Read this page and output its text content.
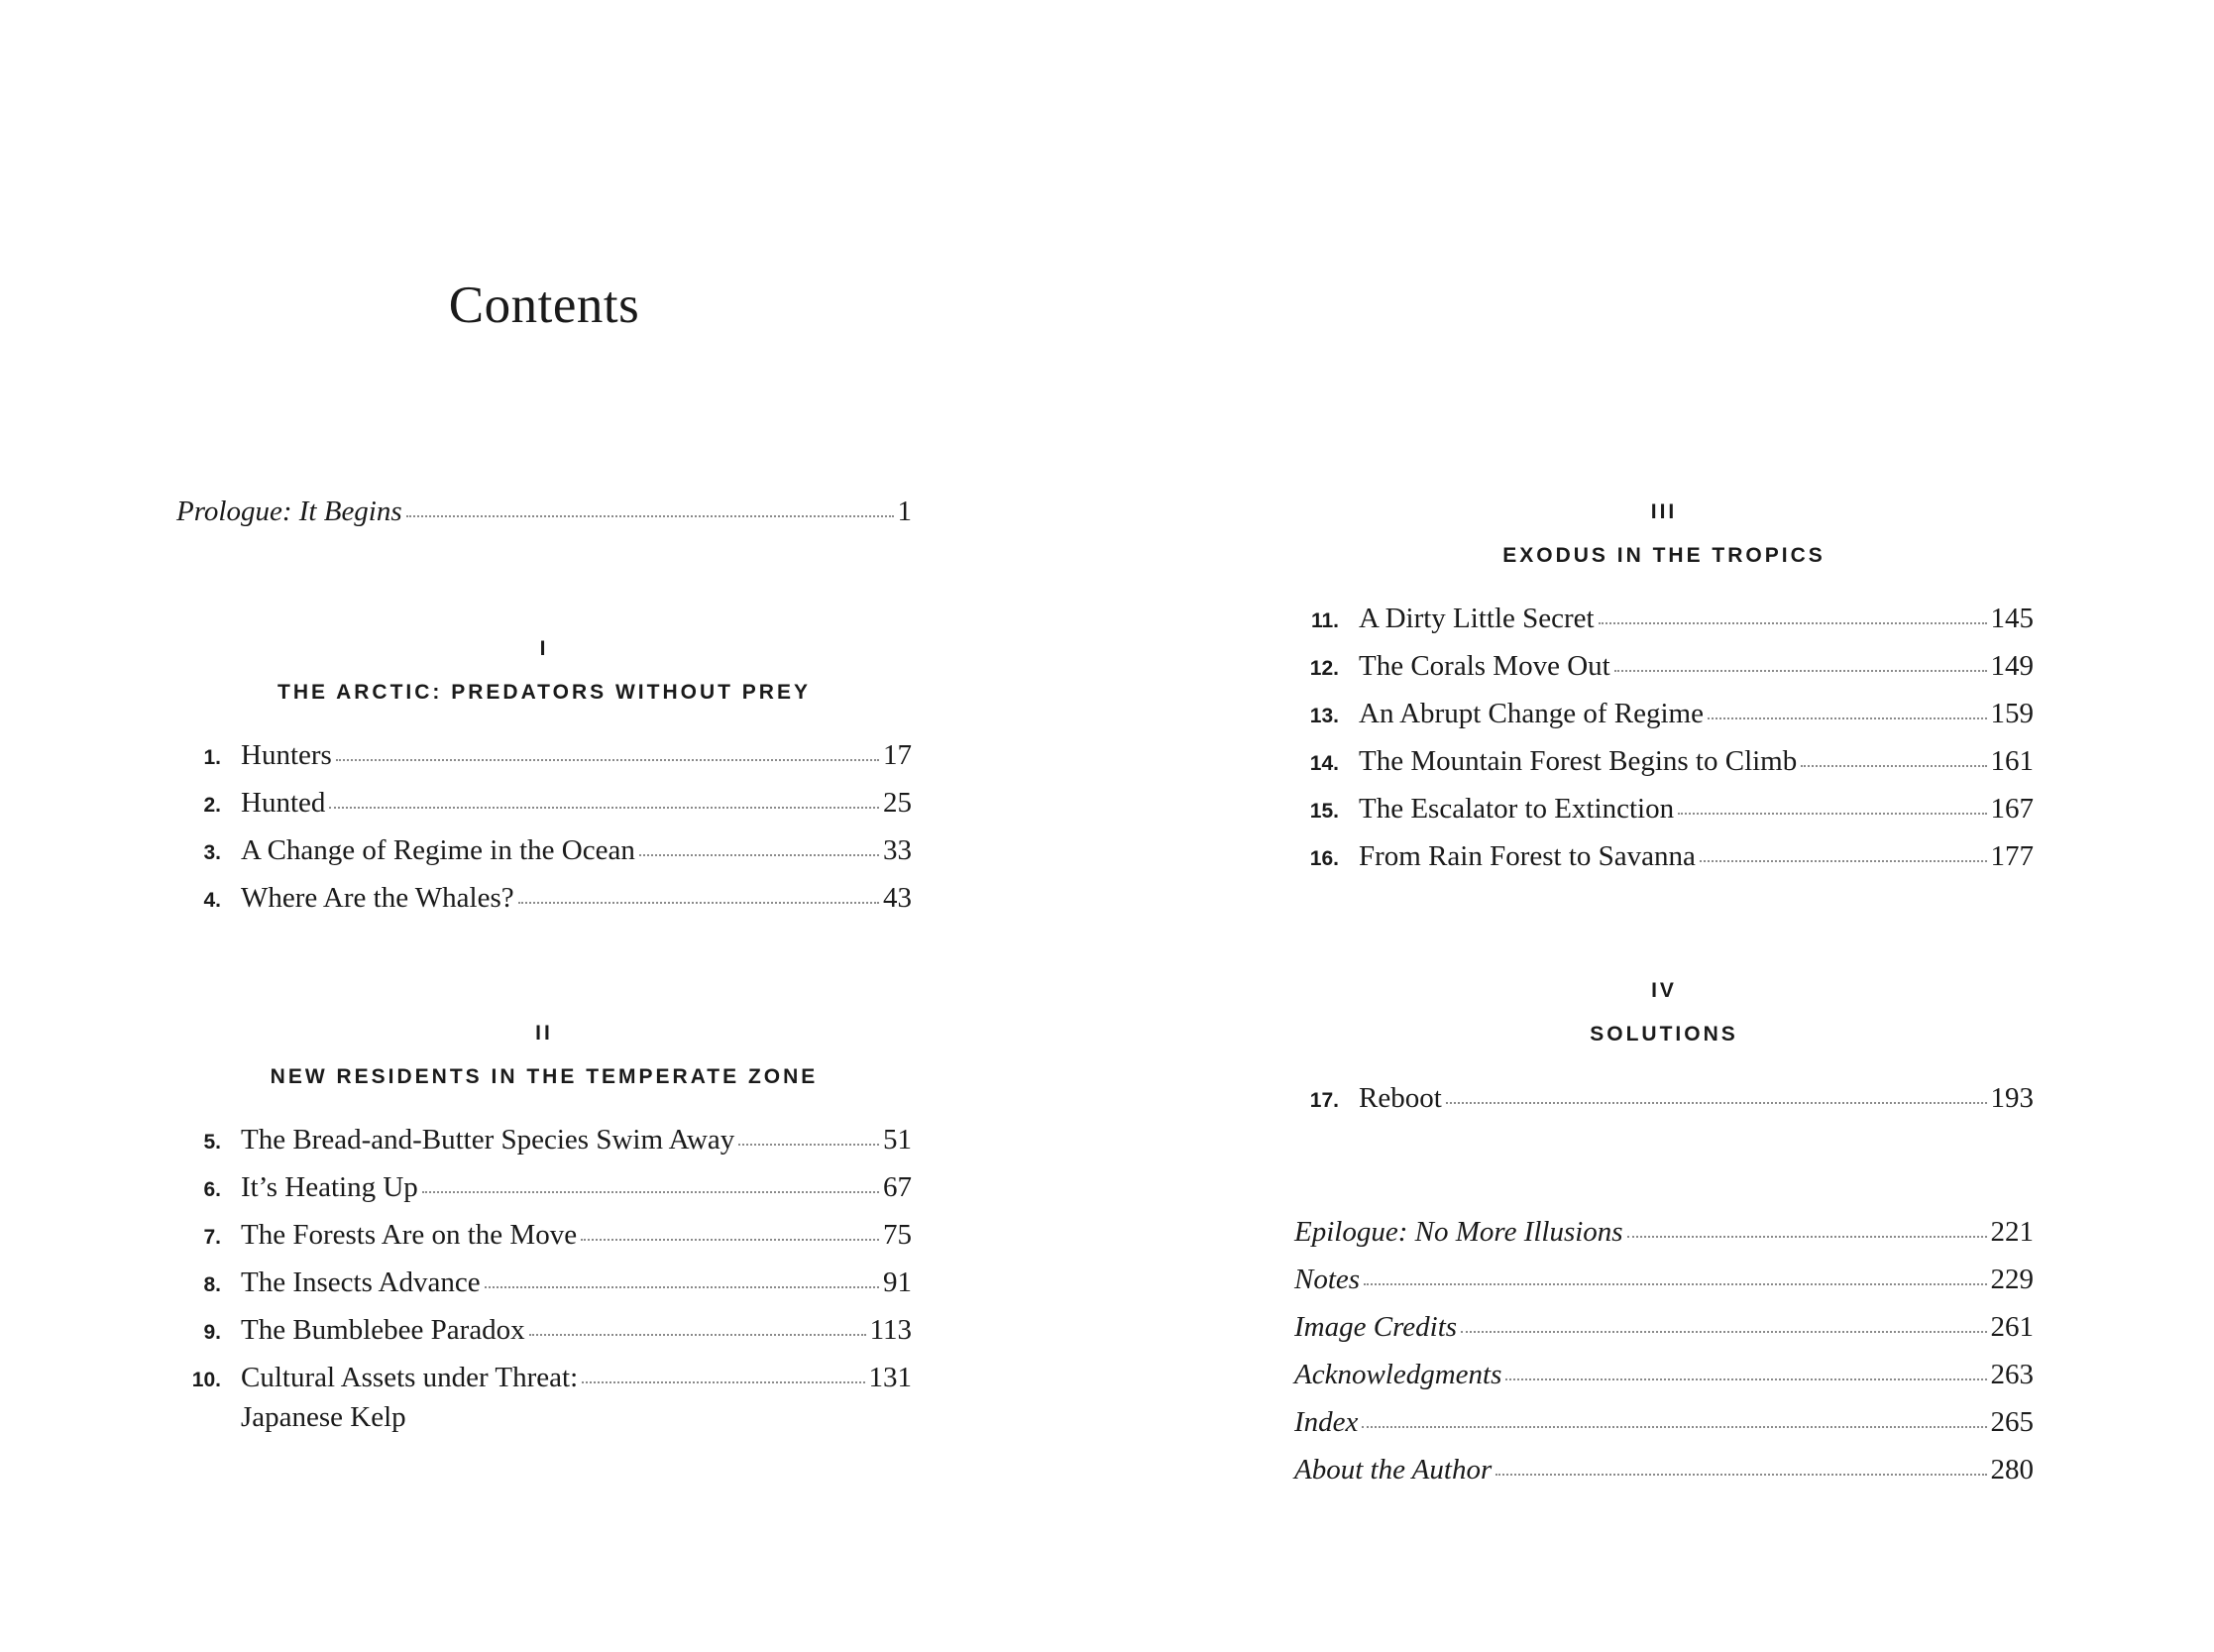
Contents
Prologue: It Begins	1
I
THE ARCTIC: PREDATORS WITHOUT PREY
1. Hunters	17
2. Hunted	25
3. A Change of Regime in the Ocean	33
4. Where Are the Whales?	43
II
NEW RESIDENTS IN THE TEMPERATE ZONE
5. The Bread-and-Butter Species Swim Away	51
6. It’s Heating Up	67
7. The Forests Are on the Move	75
8. The Insects Advance	91
9. The Bumblebee Paradox	113
10. Cultural Assets under Threat:	131
Japanese Kelp
III
EXODUS IN THE TROPICS
11. A Dirty Little Secret	145
12. The Corals Move Out	149
13. An Abrupt Change of Regime	159
14. The Mountain Forest Begins to Climb	161
15. The Escalator to Extinction	167
16. From Rain Forest to Savanna	177
IV
SOLUTIONS
17. Reboot	193
Epilogue: No More Illusions	221
Notes	229
Image Credits	261
Acknowledgments	263
Index	265
About the Author	280
